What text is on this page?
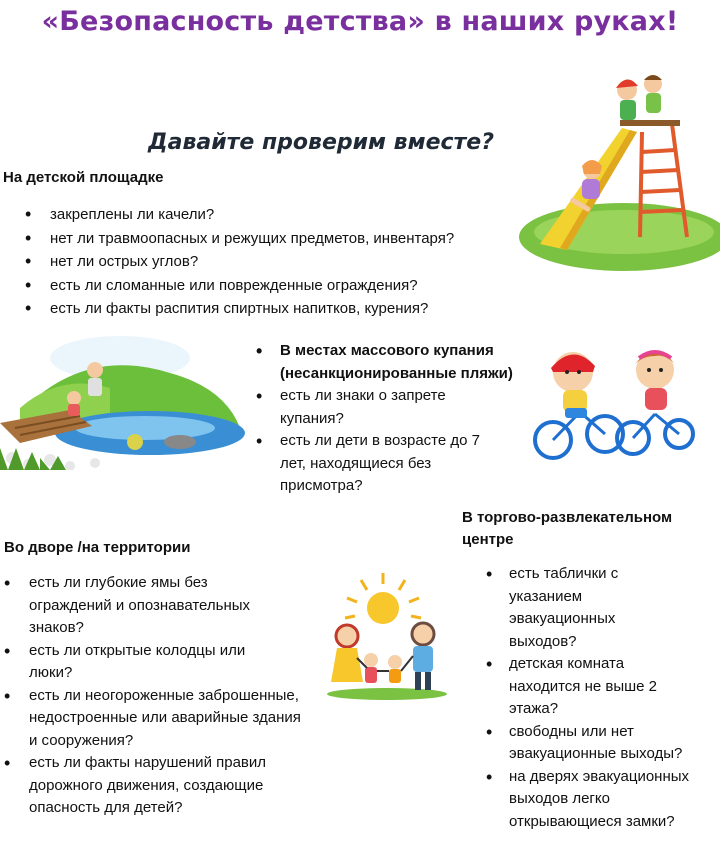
«Безопасность детства» в наших руках!
Давайте проверим вместе?
На детской площадке
• закреплены ли качели?
• нет ли травмоопасных и режущих предметов, инвентаря?
• нет ли острых углов?
• есть ли сломанные или поврежденные ограждения?
• есть ли факты распития спиртных напитков, курения?
• В местах массового купания (несанкционированные пляжи)
• есть ли знаки о запрете купания?
• есть ли дети в возрасте до 7 лет, находящиеся без присмотра?
В торгово-развлекательном центре
• есть таблички с указанием эвакуационных выходов?
• детская комната находится не выше 2 этажа?
• свободны или нет эвакуационные выходы?
• на дверях эвакуационных выходов легко открывающиеся замки?
Во дворе /на территории
• есть ли глубокие ямы без ограждений и опознавательных знаков?
• есть ли открытые колодцы или люки?
• есть ли неогороженные заброшенные, недостроенные или аварийные здания и сооружения?
• есть ли факты нарушений правил дорожного движения, создающие опасность для детей?
